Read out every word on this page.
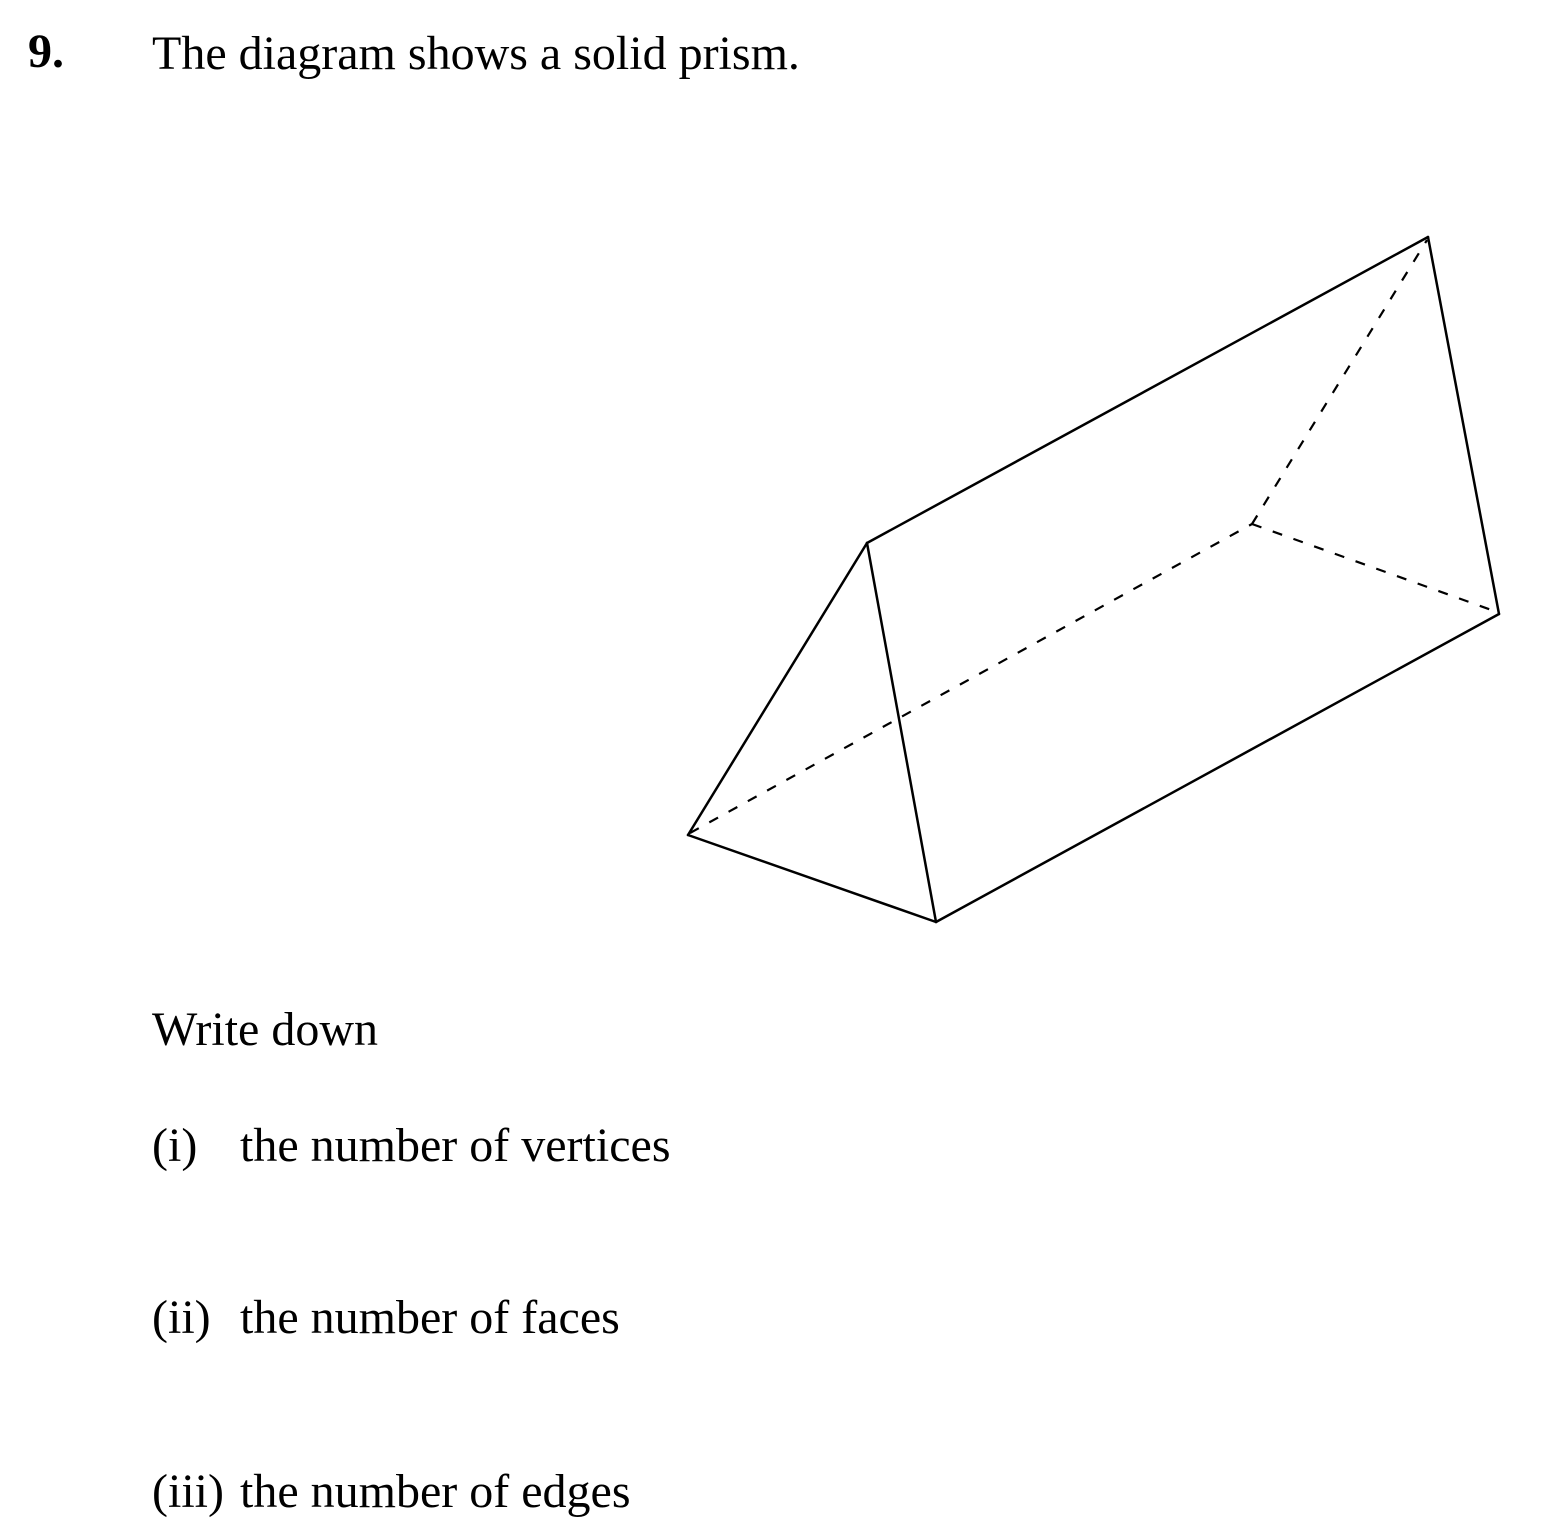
9. The diagram shows a solid prism.
Write down
(i) the number of vertices
(ii) the number of faces
(iii) the number of edges
